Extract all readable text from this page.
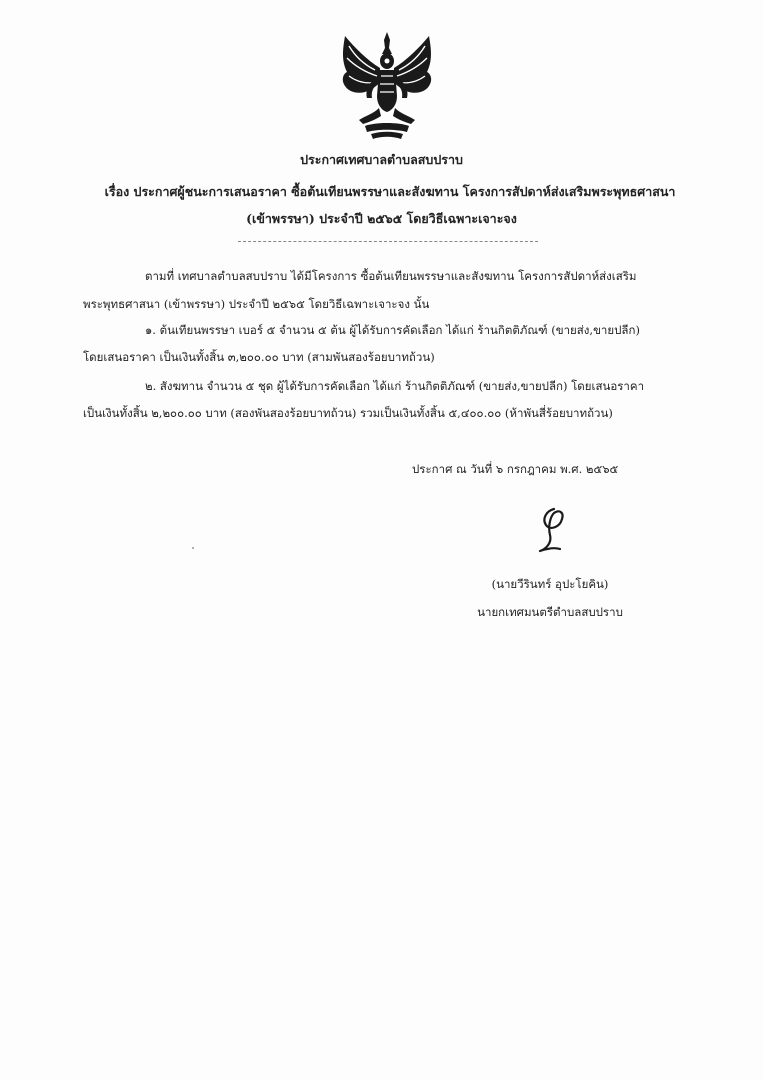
ประกาศเทศบาลตำบลสบปราบ
เรื่อง ประกาศผู้ชนะการเสนอราคา ซื้อต้นเทียนพรรษาและสังฆทาน โครงการสัปดาห์ส่งเสริมพระพุทธศาสนา
(เข้าพรรษา) ประจำปี ๒๕๖๕ โดยวิธีเฉพาะเจาะจง
ตามที่ เทศบาลตำบลสบปราบ ได้มีโครงการ ซื้อต้นเทียนพรรษาและสังฆทาน โครงการสัปดาห์ส่งเสริม
พระพุทธศาสนา (เข้าพรรษา) ประจำปี ๒๕๖๕ โดยวิธีเฉพาะเจาะจง นั้น
๑. ต้นเทียนพรรษา เบอร์ ๕ จำนวน ๕ ต้น ผู้ได้รับการคัดเลือก ได้แก่ ร้านกิตติภัณฑ์ (ขายส่ง,ขายปลีก)
โดยเสนอราคา เป็นเงินทั้งสิ้น ๓,๒๐๐.๐๐ บาท (สามพันสองร้อยบาทถ้วน)
๒. สังฆทาน จำนวน ๕ ชุด ผู้ได้รับการคัดเลือก ได้แก่ ร้านกิตติภัณฑ์ (ขายส่ง,ขายปลีก) โดยเสนอราคา
เป็นเงินทั้งสิ้น ๒,๒๐๐.๐๐ บาท (สองพันสองร้อยบาทถ้วน) รวมเป็นเงินทั้งสิ้น ๕,๔๐๐.๐๐ (ห้าพันสี่ร้อยบาทถ้วน)
ประกาศ ณ วันที่ ๖ กรกฎาคม พ.ศ. ๒๕๖๕
(นายวีรินทร์ อุปะโยคิน)
นายกเทศมนตรีตำบลสบปราบ
